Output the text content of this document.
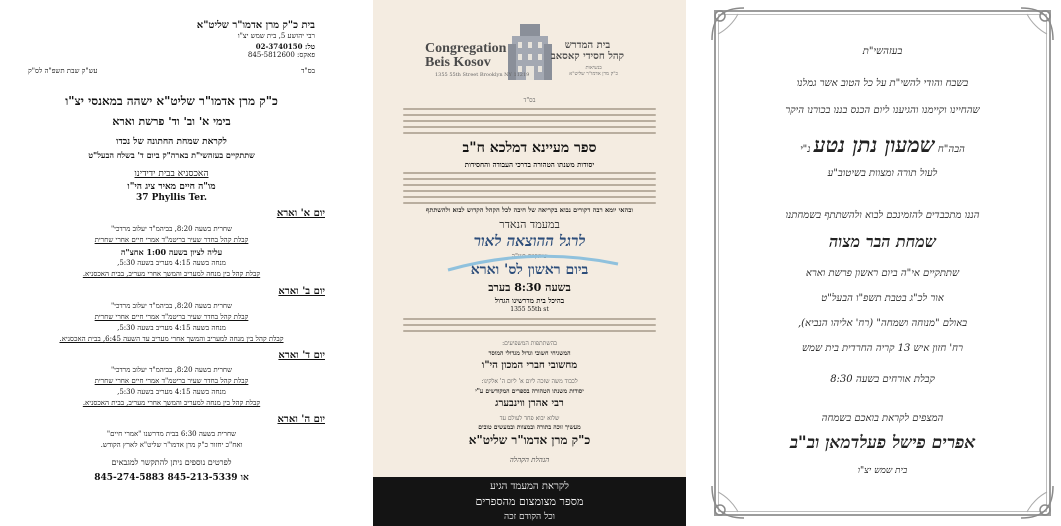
בית כ"ק מרן אדמו"ר שליט"א
רבי יהושע 5, בית שמש יצ"ו
טל: 02-3740150
פאקס: 845-5812600
בס"ד
עש"ק שבת תשפ"ה לס"ק
כ"ק מרן אדמו"ר שליט"א ישהה במאנסי יצ"ו
בימי א' וב' וד' פרשת וארא
לקראת שמחת החתונה של נכדו
שתתקיים בעזהשי"ת בארה"ק ביום ד' בשלח הבעל"ט
האכסניא בבית ידידינו
מו"ה חיים מאיר ציג הי"ו
37 Phyllis Ter.
יום א' וארא
שחרית בשעה 8:20, בביהמ"ד יעלוב מרדכי"
קבלת קהל בחדר שעיר בריטמ"ד אמרי חיים אחרי שחרית
עליה לציון בשעה 1:00 אחצ"ה
מנחה בשעה 4:15 מעריב בשעה 5:30,
קבלת קהל בין מנחה למעריב והמשך אחרי מעריב, בבית האכסניא.
יום ב' וארא
שחרית בשעה 8:20, בביהמ"ד יעלוב מרדכי"
קבלת קהל בחדר שעיר בריטמ"ד אמרי חיים אחרי שחרית
מנחה בשעה 4:15 מעריב בשעה 5:30,
קבלת קהל בין מנחה למעריב והמשך אחרי מעריב עד השעה 6:45, בבית האכסניא.
יום ד' וארא
שחרית בשעה 8:20, בביהמ"ד יעלוב מרדכי"
קבלת קהל בחדר שעיר בריטמ"ד אמרי חיים אחרי שחרית
מנחה בשעה 4:15 מעריב בשעה 5:30,
קבלת קהל בין מנחה למעריב והמשך אחרי מעריב, בבית האכסניא.
יום ה' וארא
שחרית בשעה 6:30 בבית מדרשנו "אמרי חיים"
ואח"כ יחזור כ"ק מרן אדמו"ר שליט"א לארץ הקודש.
לפרטים נוספים ניתן להתקשר למגבאים
845-274-5883 או 845-213-5339
Congregation
Beis Kosov
1355 55th Street Brooklyn NY 11219
בית המדרש
קהל חסידי קאסאב
בנשיאות
כ"ק מרן אדמו"ר שליט"א
בס"ד
ספר מעיינא דמלכא ח"ב
יסודות משנתו הטהורה בדרכי העבודה והחסידות
ובהאי יומא רבה דקורים נבוא בקריאה של חיבה לכל הקהל הקדוש לבוא ולהשתתף
במעמד הנאדר
לרגל ההוצאה לאור
שיתקיים בעז"ה
ביום ראשון לס' וארא
בשעה 8:30 בערב
בהיכל בית מדרשינו הגדול
1355 55th st
בהשתתפות המשפיעים:
המשגיחי חשובי וגדול מגדולי המוסר
מחשובי חברי המכון הי"ו
לכבוד משה שזכה ליום א' ליום ה' אלקינו:
יסודות משנתו הטהורה בספרים המקודשים ע"י
רבי אהרן ווינבערג
שלוא יבוא פחד לעולם עד
מעשיך זוכה בתורה ובמצוות ובמעשים טובים
כ"ק מרן אדמו"ר שליט"א
הנהלת הקהלה
לקראת המעמד הגיע
מספר מצומצום מהספרים
וכל הקודם זכה
בעזהשי"ת
בשבח והודי להשי"ת על כל הטוב אשר גמלנו
שהחיינו וקיימנו והגיענו ליום הכנס בננו בכורנו היקר
הבה"ח שמעון נתן נטע נ"י
לעול תורה ומצוות בשיטוב"ע
הננו מתכבדים להזמינכם לבוא ולהשתתף בשמחתנו
שמחת הבר מצוה
שתתקיים אי"ה ביום ראשון פרשת וארא
אור לכ"ג בטבת תשפ"ו הבעל"ט
באולם "מנוחה ושמחה" (רח' אליהו הנביא),
רח' חזון איש 13 קריה החרדית בית שמש
קבלת אורחים בשעה 8:30
המצפים לקראת בואכם בשמחה
אפרים פישל פעלדמאן וב"ב
בית שמש יצ"ו
